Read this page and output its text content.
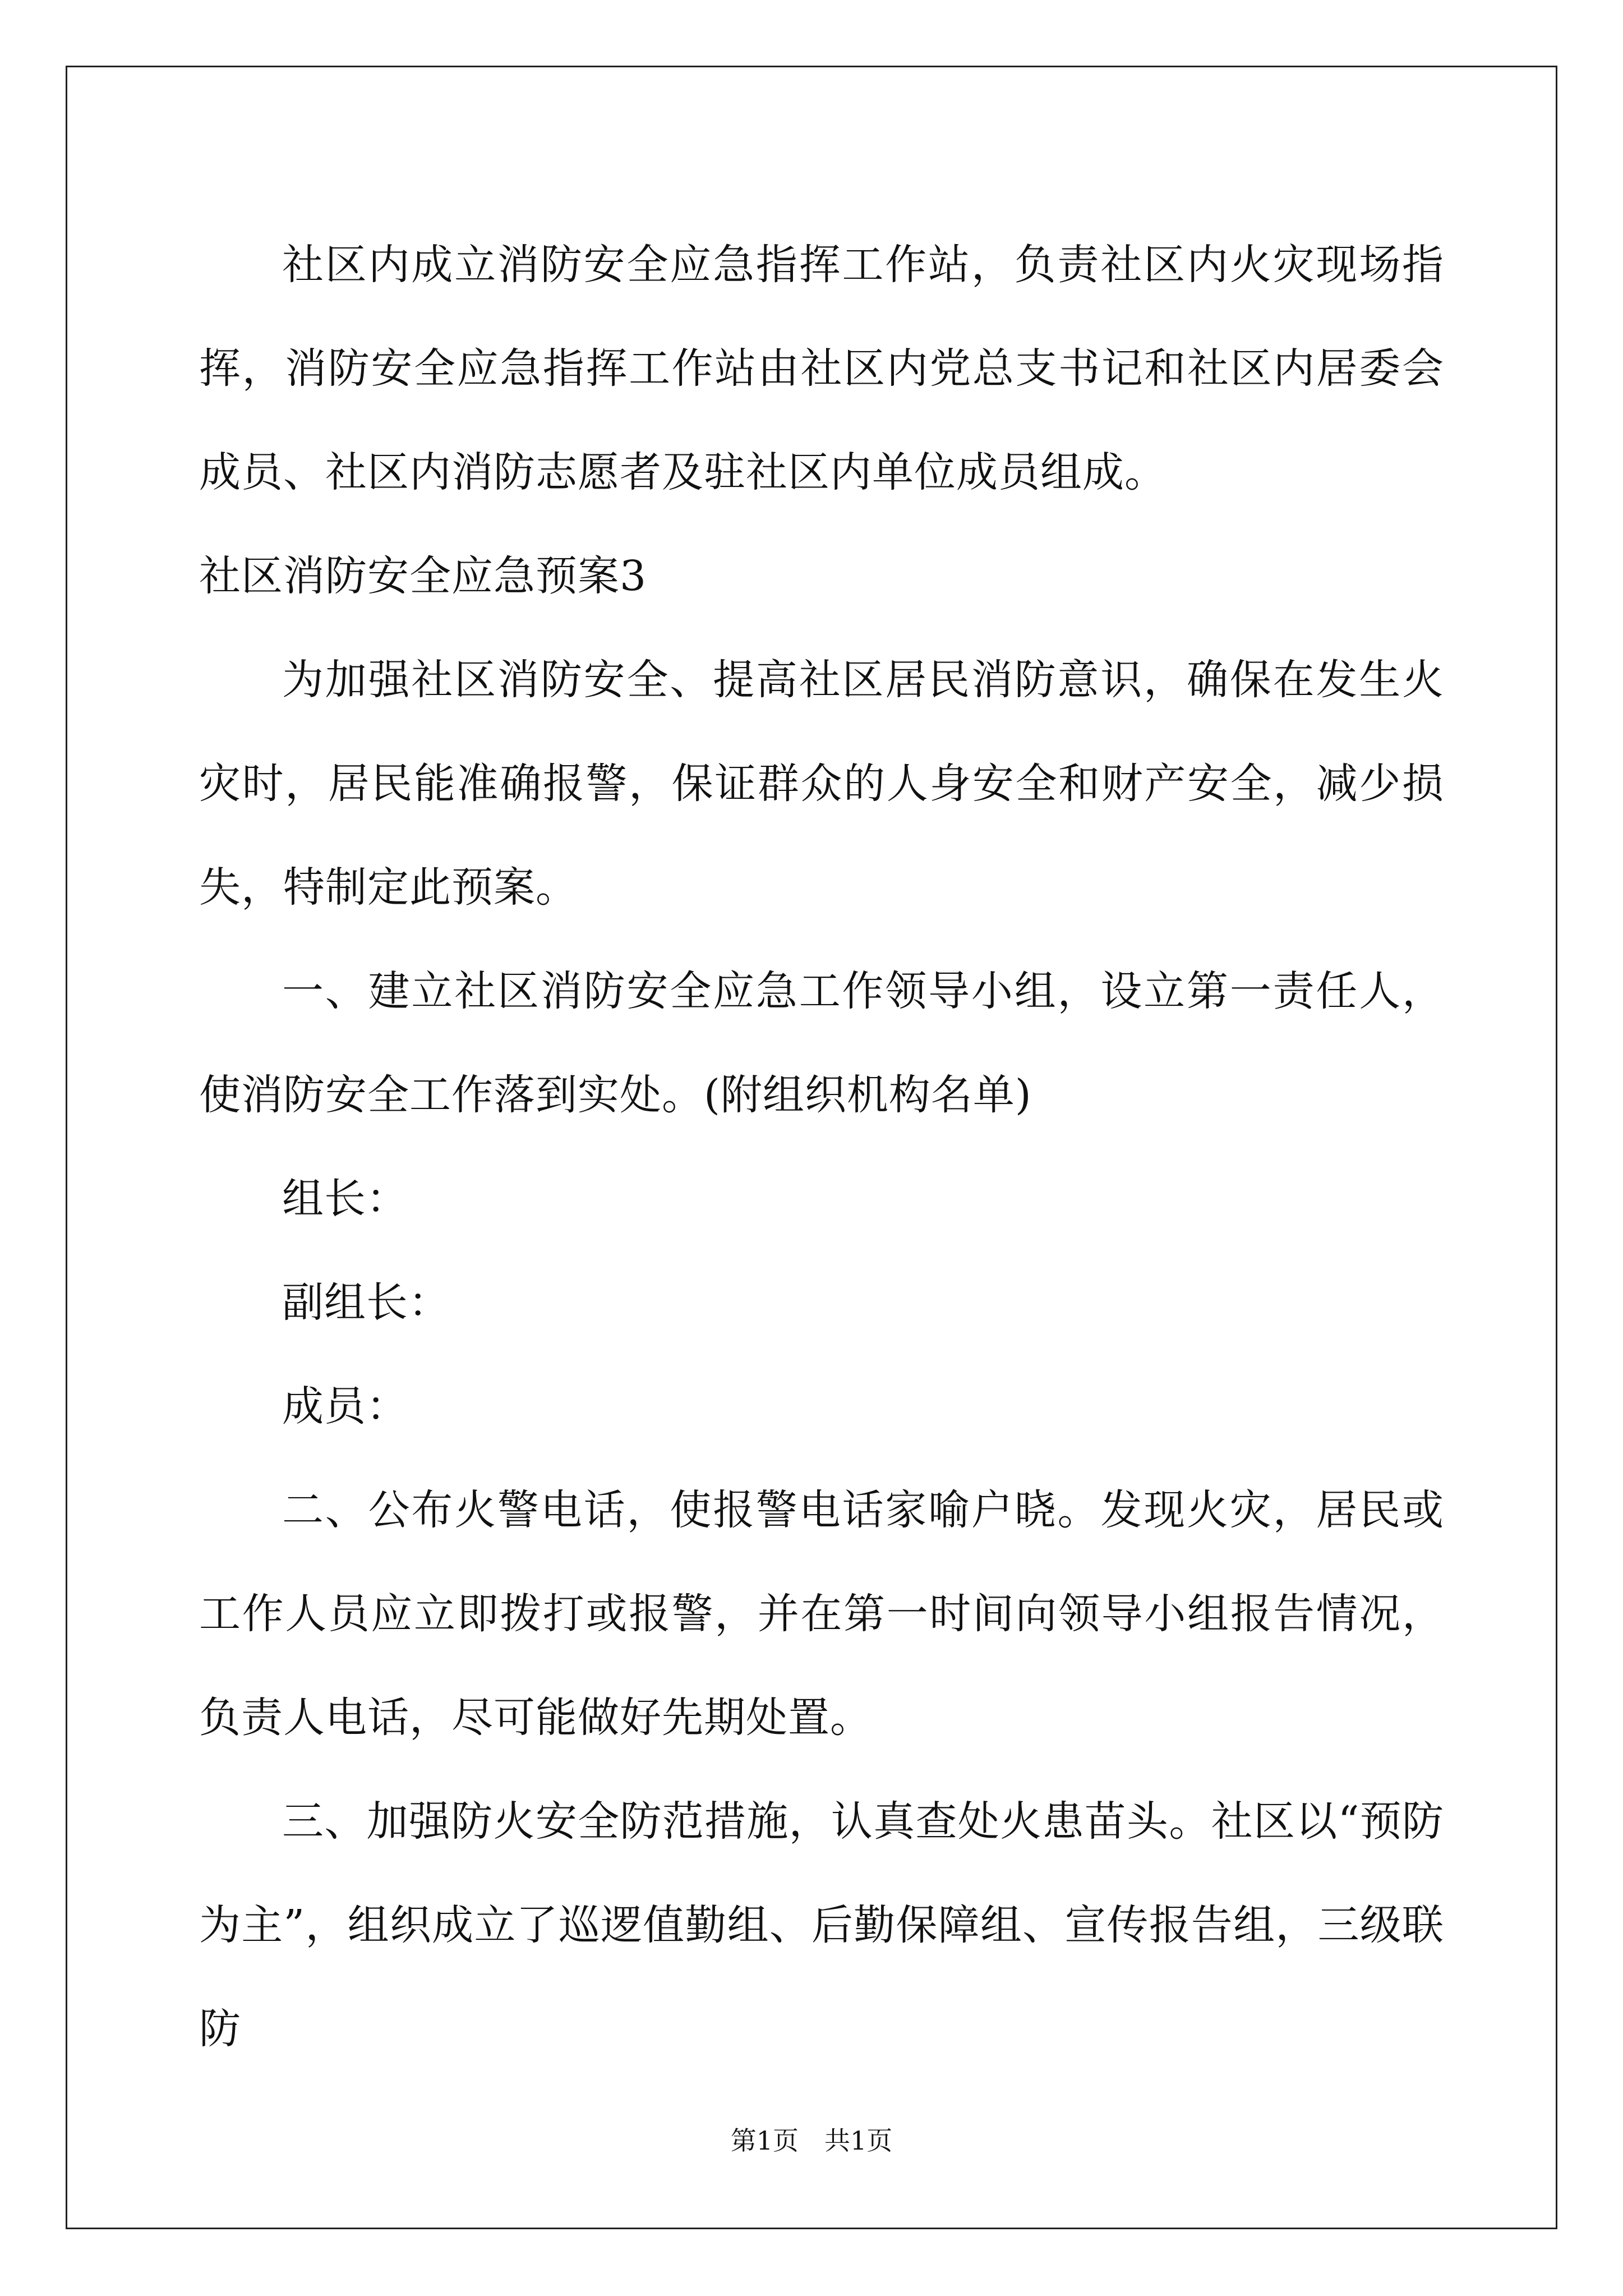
社区内成立消防安全应急指挥工作站，负责社区内火灾现场指挥，消防安全应急指挥工作站由社区内党总支书记和社区内居委会成员、社区内消防志愿者及驻社区内单位成员组成。

社区消防安全应急预案3

为加强社区消防安全、提高社区居民消防意识，确保在发生火灾时，居民能准确报警，保证群众的人身安全和财产安全，减少损失，特制定此预案。

一、建立社区消防安全应急工作领导小组，设立第一责任人，使消防安全工作落到实处。(附组织机构名单)

组长：

副组长：

成员：

二、公布火警电话，使报警电话家喻户晓。发现火灾，居民或工作人员应立即拨打或报警，并在第一时间向领导小组报告情况，负责人电话，尽可能做好先期处置。

三、加强防火安全防范措施，认真查处火患苗头。社区以“预防为主”，组织成立了巡逻值勤组、后勤保障组、宣传报告组，三级联防

第1页　共1页
